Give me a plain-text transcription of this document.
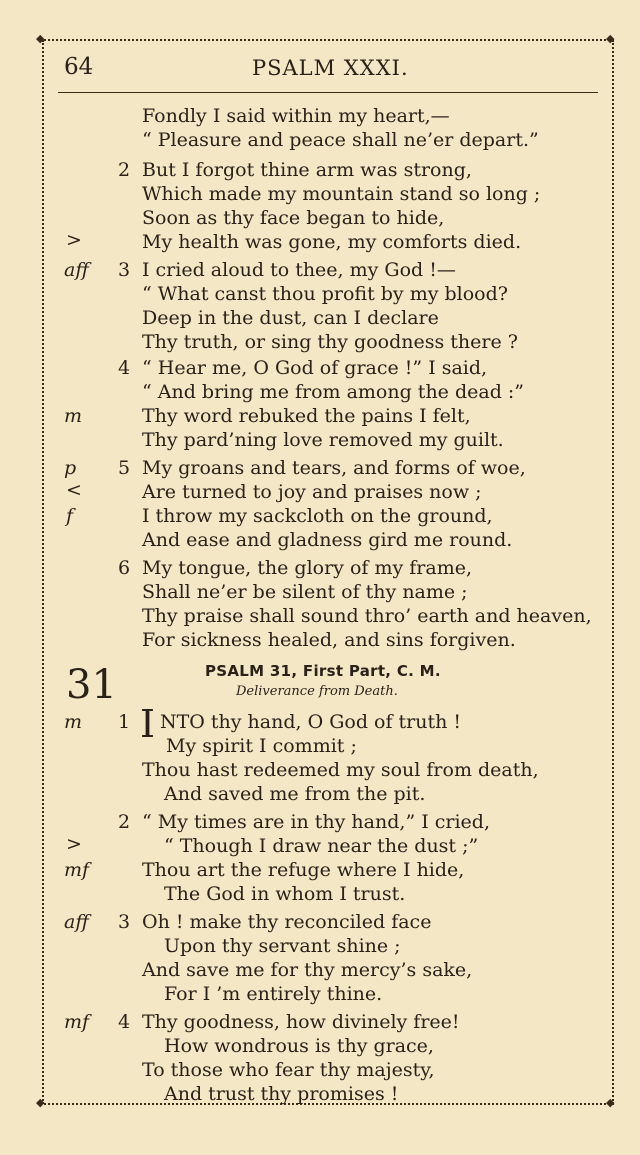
◆	◆
◆	◆
64	PSALM XXXI.
Fondly I said within my heart,—
“ Pleasure and peace shall ne’er depart.”
2 But I forgot thine arm was strong,
Which made my mountain stand so long ;
Soon as thy face began to hide,
>	My health was gone, my comforts died.
aff 3 I cried aloud to thee, my God !—
“ What canst thou profit by my blood?
Deep in the dust, can I declare
Thy truth, or sing thy goodness there ?
4 “ Hear me, O God of grace !” I said,
“ And bring me from among the dead :”
m	Thy word rebuked the pains I felt,
Thy pard’ning love removed my guilt.
p 5 My groans and tears, and forms of woe,
<	Are turned to joy and praises now ;
f	I throw my sackcloth on the ground,
And ease and gladness gird me round.
6 My tongue, the glory of my frame,
Shall ne’er be silent of thy name ;
Thy praise shall sound thro’ earth and heaven,
For sickness healed, and sins forgiven.
31	PSALM 31, First Part, C. M.
Deliverance from Death.
m 1 I NTO thy hand, O God of truth !
My spirit I commit ;
Thou hast redeemed my soul from death,
And saved me from the pit.
2 “ My times are in thy hand,” I cried,
>	“ Though I draw near the dust ;”
mf	Thou art the refuge where I hide,
The God in whom I trust.
aff 3 Oh ! make thy reconciled face
Upon thy servant shine ;
And save me for thy mercy’s sake,
For I ’m entirely thine.
mf 4 Thy goodness, how divinely free!
How wondrous is thy grace,
To those who fear thy majesty,
And trust thy promises !
